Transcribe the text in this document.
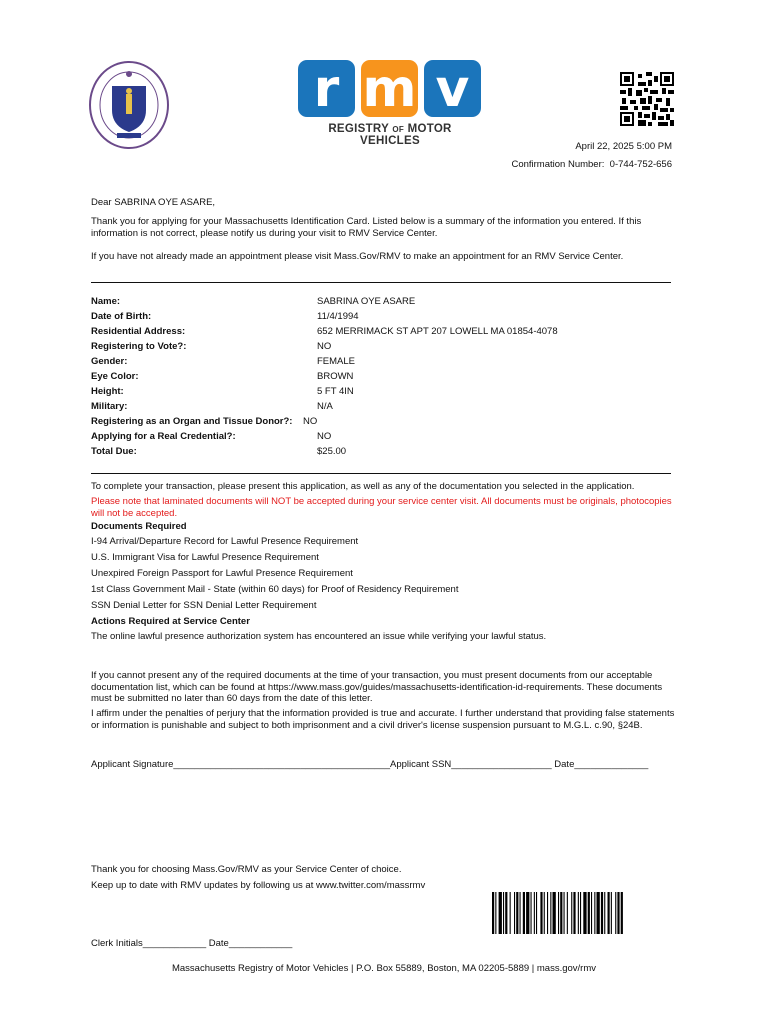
r m v
REGISTRY OF MOTOR VEHICLES	April 22, 2025 5:00 PM
Confirmation Number: 0-744-752-656
Dear SABRINA OYE ASARE,
Thank you for applying for your Massachusetts Identification Card. Listed below is a summary of the information you entered. If this information is not correct, please notify us during your visit to RMV Service Center.
If you have not already made an appointment please visit Mass.Gov/RMV to make an appointment for an RMV Service Center.
Name:	SABRINA OYE ASARE
Date of Birth:	11/4/1994
Residential Address:	652 MERRIMACK ST APT 207 LOWELL MA 01854-4078
Registering to Vote?:	NO
Gender:	FEMALE
Eye Color:	BROWN
Height:	5 FT 4IN
Military:	N/A
Registering as an Organ and Tissue Donor?:	NO
Applying for a Real Credential?:	NO
Total Due:	$25.00
To complete your transaction, please present this application, as well as any of the documentation you selected in the application.
Please note that laminated documents will NOT be accepted during your service center visit. All documents must be originals, photocopies will not be accepted.
Documents Required
I-94 Arrival/Departure Record for Lawful Presence Requirement
U.S. Immigrant Visa for Lawful Presence Requirement
Unexpired Foreign Passport for Lawful Presence Requirement
1st Class Government Mail - State (within 60 days) for Proof of Residency Requirement
SSN Denial Letter for SSN Denial Letter Requirement
Actions Required at Service Center
The online lawful presence authorization system has encountered an issue while verifying your lawful status.
If you cannot present any of the required documents at the time of your transaction, you must present documents from our acceptable documentation list, which can be found at https://www.mass.gov/guides/massachusetts-identification-id-requirements. These documents must be submitted no later than 60 days from the date of this letter.
I affirm under the penalties of perjury that the information provided is true and accurate. I further understand that providing false statements or information is punishable and subject to both imprisonment and a civil driver's license suspension pursuant to M.G.L. c.90, §24B.
Applicant Signature_________________________________________Applicant SSN___________________ Date______________
Thank you for choosing Mass.Gov/RMV as your Service Center of choice.
Keep up to date with RMV updates by following us at www.twitter.com/massrmv
Clerk Initials____________ Date____________
Massachusetts Registry of Motor Vehicles | P.O. Box 55889, Boston, MA 02205-5889 | mass.gov/rmv
